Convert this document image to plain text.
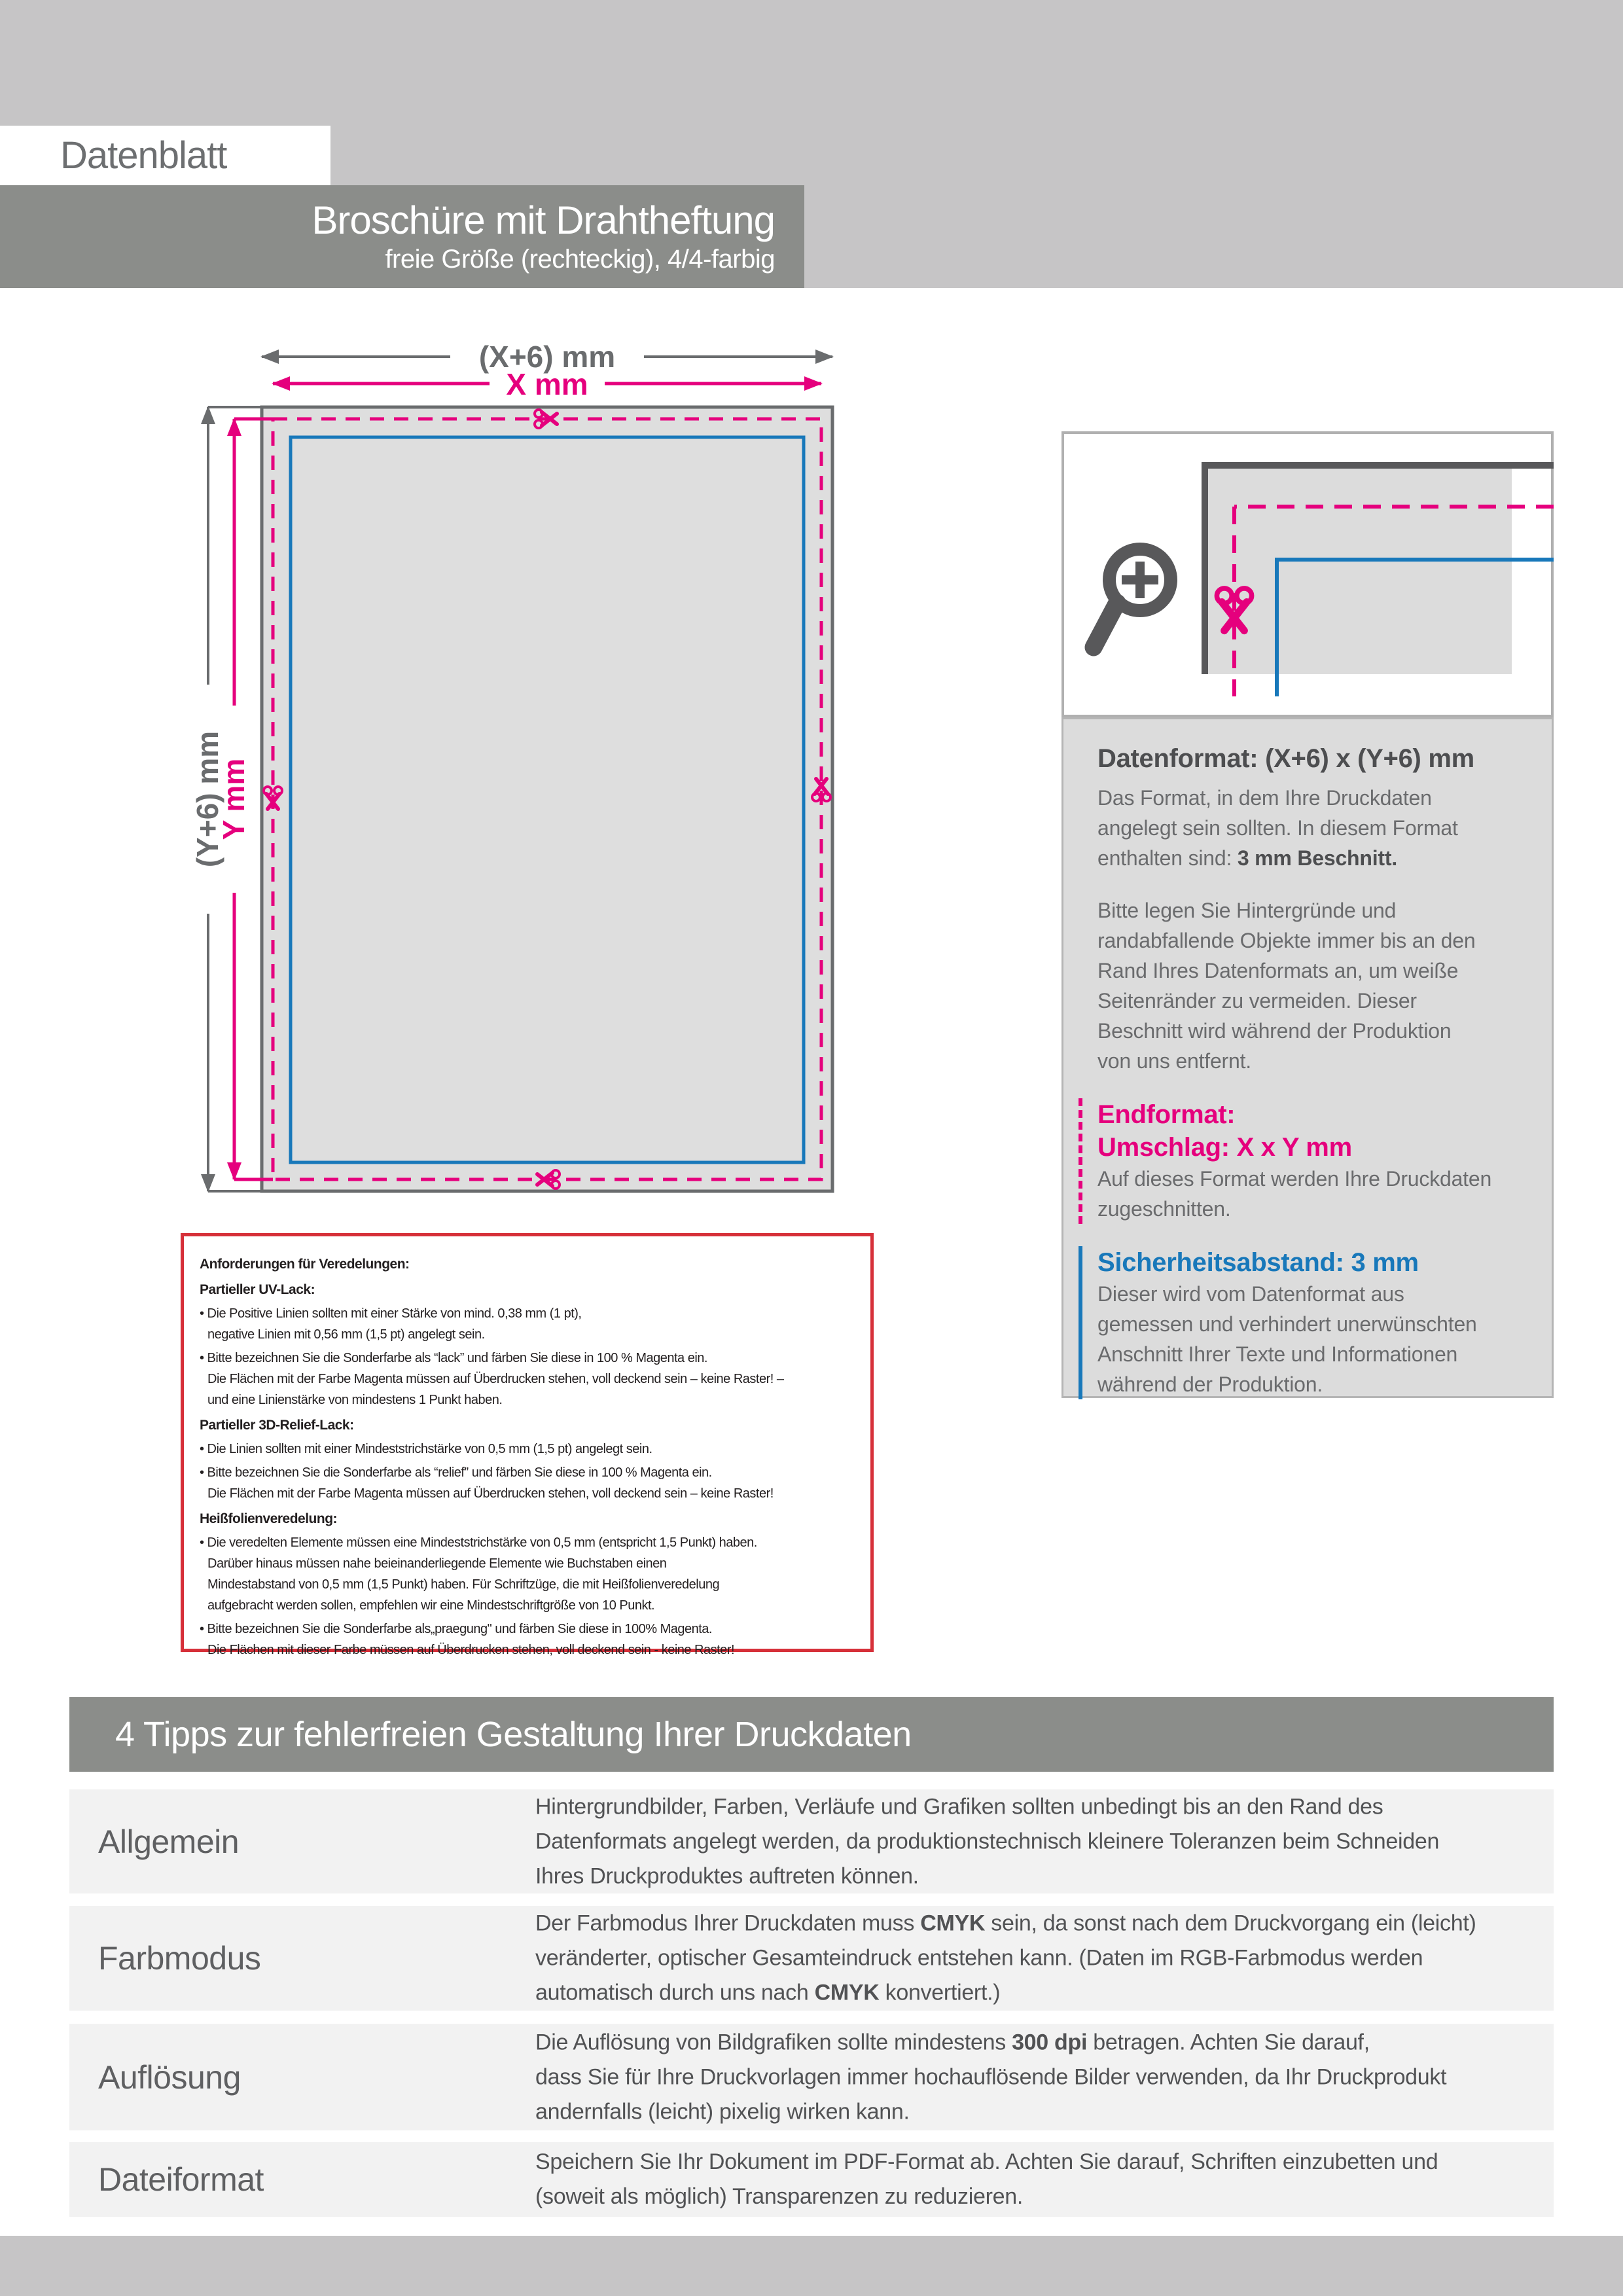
Datenblatt
Broschüre mit Drahtheftung
freie Größe (rechteckig), 4/4-farbig
(X+6) mm
X mm
(Y+6) mm
Y mm	Datenformat: (X+6) x (Y+6) mm

Das Format, in dem Ihre Druckdaten
angelegt sein sollten. In diesem Format
enthalten sind: 3 mm Beschnitt.

Bitte legen Sie Hintergründe und
randabfallende Objekte immer bis an den
Rand Ihres Datenformats an, um weiße
Seitenränder zu vermeiden. Dieser
Beschnitt wird während der Produktion
von uns entfernt.

Endformat:
Umschlag: X x Y mm

Auf dieses Format werden Ihre Druckdaten
zugeschnitten.

Sicherheitsabstand: 3 mm

Dieser wird vom Datenformat aus
gemessen und verhindert unerwünschten
Anschnitt Ihrer Texte und Informationen
während der Produktion.

Anforderungen für Veredelungen:
Partieller UV-Lack:
• Die Positive Linien sollten mit einer Stärke von mind. 0,38 mm (1 pt),
negative Linien mit 0,56 mm (1,5 pt) angelegt sein.
• Bitte bezeichnen Sie die Sonderfarbe als “lack” und färben Sie diese in 100 % Magenta ein.
Die Flächen mit der Farbe Magenta müssen auf Überdrucken stehen, voll deckend sein – keine Raster! –
und eine Linienstärke von mindestens 1 Punkt haben.
Partieller 3D-Relief-Lack:
• Die Linien sollten mit einer Mindeststrichstärke von 0,5 mm (1,5 pt) angelegt sein.
• Bitte bezeichnen Sie die Sonderfarbe als “relief” und färben Sie diese in 100 % Magenta ein.
Die Flächen mit der Farbe Magenta müssen auf Überdrucken stehen, voll deckend sein – keine Raster!
Heißfolienveredelung:
• Die veredelten Elemente müssen eine Mindeststrichstärke von 0,5 mm (entspricht 1,5 Punkt) haben.
Darüber hinaus müssen nahe beieinanderliegende Elemente wie Buchstaben einen
Mindestabstand von 0,5 mm (1,5 Punkt) haben. Für Schriftzüge, die mit Heißfolienveredelung
aufgebracht werden sollen, empfehlen wir eine Mindestschriftgröße von 10 Punkt.
• Bitte bezeichnen Sie die Sonderfarbe als„praegung" und färben Sie diese in 100% Magenta.
Die Flächen mit dieser Farbe müssen auf Überdrucken stehen, voll deckend sein - keine Raster!
4 Tipps zur fehlerfreien Gestaltung Ihrer Druckdaten
Allgemein
Hintergrundbilder, Farben, Verläufe und Grafiken sollten unbedingt bis an den Rand des
Datenformats angelegt werden, da produktionstechnisch kleinere Toleranzen beim Schneiden
Ihres Druckproduktes auftreten können.
Farbmodus
Der Farbmodus Ihrer Druckdaten muss CMYK sein, da sonst nach dem Druckvorgang ein (leicht)
veränderter, optischer Gesamteindruck entstehen kann. (Daten im RGB-Farbmodus werden
automatisch durch uns nach CMYK konvertiert.)
Auflösung
Die Auflösung von Bildgrafiken sollte mindestens 300 dpi betragen. Achten Sie darauf,
dass Sie für Ihre Druckvorlagen immer hochauflösende Bilder verwenden, da Ihr Druckprodukt
andernfalls (leicht) pixelig wirken kann.
Dateiformat	Speichern Sie Ihr Dokument im PDF-Format ab. Achten Sie darauf, Schriften einzubetten und
(soweit als möglich) Transparenzen zu reduzieren.
